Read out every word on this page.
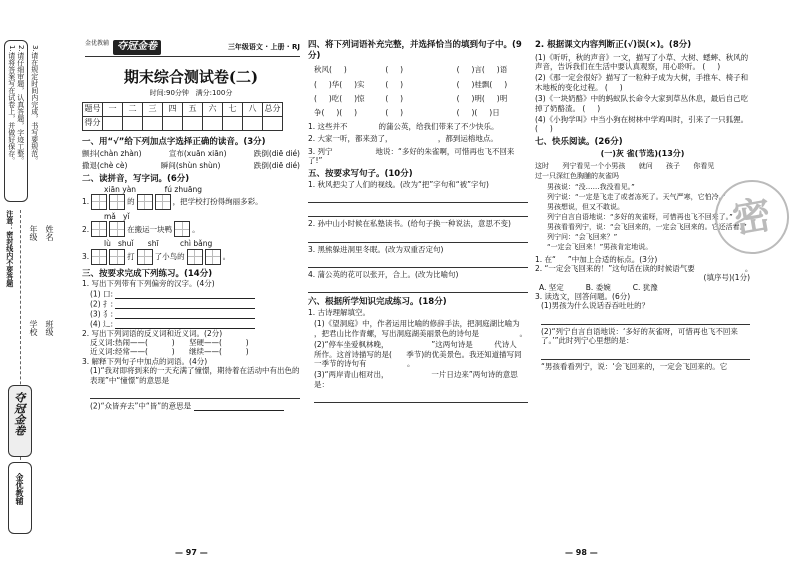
1.请将答案写在试卷上，并做好保存。 2.请仔细审题，认真答题，字迹工整。 3.请在规定时间内完成，书写要规范。
注意：密封线内不要答题 年级 姓名
学校 班级
夺冠金卷
金优教辅
金优教辅 夺冠金卷	三年级语文 · 上册 · RJ
期末综合测试卷(二)
时间:90分钟 满分:100分
题号	一	二	三	四	五	六	七	八	总分
得分									
一、用“√”给下列加点字选择正确的读音。(3分)
颤抖(chàn zhàn)	宣布(xuān xiān)	跌倒(diē dié)
撒退(chè cè)	瞬间(shùn shùn)	跌倒(diē dié)
二、读拼音，写字词。(6分)
xiān yàn            fú zhuāng
1.	的	，把学校打扮得绚丽多彩。
mǎ   yǐ
2.	在搬运一块鸭	。
lù   shuǐ      shī         chì bǎng
3.	打	了小鸟的	。
三、按要求完成下列练习。(14分)
1. 写出下列带有下列偏旁的汉字。(4分)
(1) 口:
(2) 扌:
(3) 犭:
(4) 辶:
2. 写出下列词语的反义词和近义词。(2分)
反义词:热闹——(          )      坚硬——(          )
近义词:经常——(          )      继续——(          )
3. 解释下列句子中加点的词语。(4分)
(1)“我对即将到来的一天充满了憧憬，期待着在活动中有出色的表现”中“憧憬”的意思是
(2)“众皆弃去”中“皆”的意思是
— 97 —
四、将下列词语补充完整，并选择恰当的填到句子中。(9分)
秋风(     )	(     )	(     )言(     )语
(     )华(     )实	(     )	(     )桂飘(     )
(     )吃(     )惊	(     )	(     )明(     )明
争(     )(     )	(     )	(     )(     )日
1. 这些并不             的蒲公英，给我们带来了不少快乐。
2. 大家一听，都来劲了，                   ，都到运榕地点。
3. 列宁                  地说：“多好的朱雀啊，可惜再也飞不回来了!”
五、按要求写句子。(10分)
1. 秋风把尖了人们的视线。(改为“把”字句和“被”字句)
2. 孙中山小时候在私塾读书。(给句子换一种说法，意思不变)
3. 黑熊躲进洞里冬眠。(改为双重否定句)
4. 蒲公英的花可以张开，合上。(改为比喻句)
六、根据所学知识完成练习。(18分)
1. 古诗理解填空。
(1)《望洞庭》中，作者运用比喻的修辞手法，把洞庭湖比喻为                   ，把君山比作青螺，写出洞庭湖美丽景色的诗句是                 。
(2)“停车坐爱枫林晚，                  ”这两句诗是         代诗人           所作。这首诗描写的是(      季节)的优美景色。我还知道描写同一季节的诗句有                 。
(3)“两岸青山相对出，                  一片日边来”两句诗的意思是：
2. 根据课文内容判断正(√)误(×)。(8分)
(1)《听听，秋的声音》一文，描写了小草、大树、蟋蟀、秋风的声音，告诉我们在生活中要认真观察，用心聆听。 (     )
(2)《那一定会很好》描写了一粒种子成为大树，手推车、椅子和木地板的变化过程。 (     )
(3)《一块奶酪》中的蚂蚁队长命令大家到草丛休息，最后自己吃掉了奶酪渣。 (     )
(4)《小狗学叫》中当小狗在树林中学鸡叫时，引来了一只狐狸。 (     )
七、快乐阅读。(26分)
(一)灰 雀(节选)(13分)
这时      列宁看见一个小男孩      就问      孩子      你看见
过一只深红色胸脯的灰雀吗
男孩说：“没……我没看见。”
列宁说：“一定是飞走了或者冻死了。天气严寒，它怕冷。”
男孩想说，但又不敢说。
列宁自言自语地说：“多好的灰雀呀，可惜再也飞不回来了。”
男孩看看列宁，说：“会飞回来的，一定会飞回来的。它还活着。”
列宁问：“会飞回来？”
“一定会飞回来！”男孩肯定地说。
1. 在“     ”中加上合适的标点。(3分)
2. “一定会飞回来的！”这句话在读的时候语气要                     。
(填序号)(1分)
A. 坚定	B. 委婉	C. 犹豫
3. 读选文，回答问题。(6分)
(1)男孩为什么说话吞吞吐吐的？
(2)“列宁自言自语地说：‘多好的灰雀呀，可惜再也飞不回来了。’”此时列宁心里想的是：
“男孩看看列宁，说：‘会飞回来的，一定会飞回来的。它
— 98 —
密
